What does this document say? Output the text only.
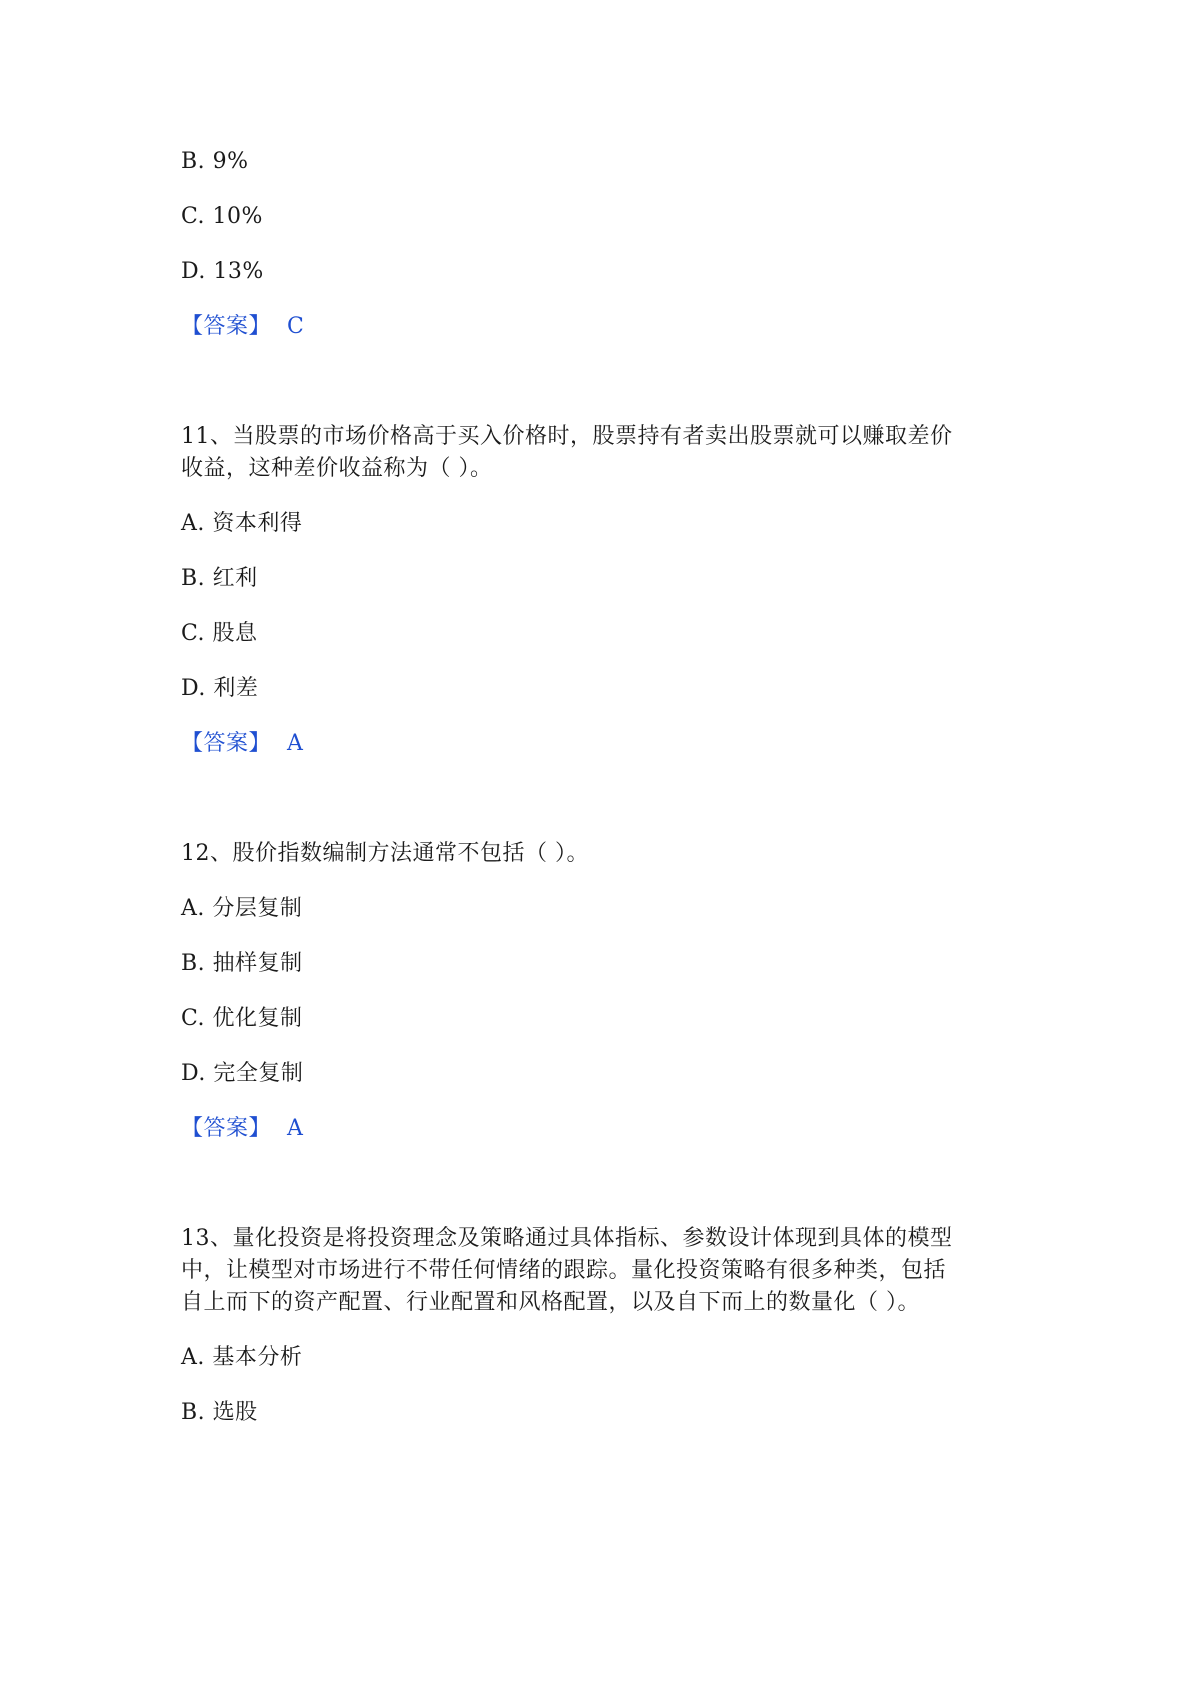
B. 9%
C. 10%
D. 13%
【答案】 C
11、当股票的市场价格高于买入价格时，股票持有者卖出股票就可以赚取差价
收益，这种差价收益称为（ ）。
A. 资本利得
B. 红利
C. 股息
D. 利差
【答案】 A
12、股价指数编制方法通常不包括（ ）。
A. 分层复制
B. 抽样复制
C. 优化复制
D. 完全复制
【答案】 A
13、量化投资是将投资理念及策略通过具体指标、参数设计体现到具体的模型
中，让模型对市场进行不带任何情绪的跟踪。量化投资策略有很多种类，包括
自上而下的资产配置、行业配置和风格配置，以及自下而上的数量化（ ）。
A. 基本分析
B. 选股
